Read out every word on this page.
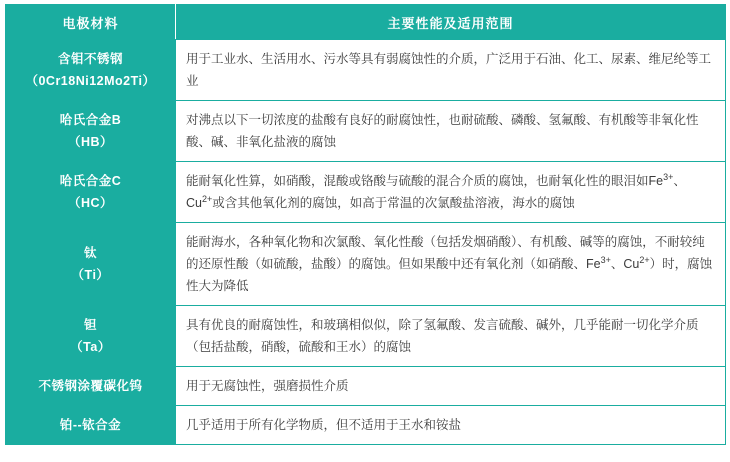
电极材料	主要性能及适用范围
含钼不锈钢
（0Cr18Ni12Mo2Ti）	用于工业水、生活用水、污水等具有弱腐蚀性的介质，广泛用于石油、化工、尿素、维尼纶等工业
哈氏合金B
（HB）	对沸点以下一切浓度的盐酸有良好的耐腐蚀性，也耐硫酸、磷酸、氢氟酸、有机酸等非氧化性酸、碱、非氧化盐液的腐蚀
哈氏合金C
（HC）	能耐氧化性算，如硝酸，混酸或铬酸与硫酸的混合介质的腐蚀，也耐氧化性的眼泪如$Fe^{3+}$、$Cu^{2+}$或含其他氧化剂的腐蚀，如高于常温的次氯酸盐溶液，海水的腐蚀
钛
（Ti）	能耐海水，各种氧化物和次氯酸、氧化性酸（包括发烟硝酸）、有机酸、碱等的腐蚀，不耐较纯的还原性酸（如硫酸，盐酸）的腐蚀。但如果酸中还有氧化剂（如硝酸、$Fe^{3+}$、$Cu^{2+}$）时，腐蚀性大为降低
钽
（Ta）	具有优良的耐腐蚀性，和玻璃相似似，除了氢氟酸、发言硫酸、碱外，几乎能耐一切化学介质（包括盐酸，硝酸，硫酸和王水）的腐蚀
不锈钢涂覆碳化钨	用于无腐蚀性，强磨损性介质
铂--铱合金	几乎适用于所有化学物质，但不适用于王水和铵盐
